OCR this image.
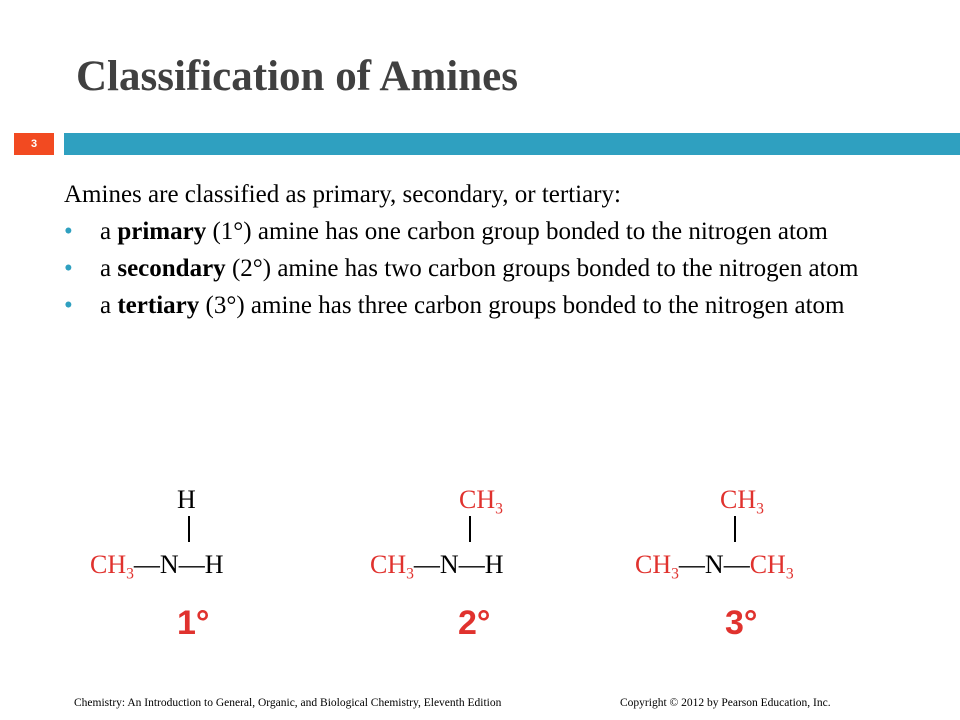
Classification of Amines
3

Amines are classified as primary, secondary, or tertiary:

• a primary (1°) amine has one carbon group bonded to the nitrogen atom
• a secondary (2°) amine has two carbon groups bonded to the nitrogen atom
• a tertiary (3°) amine has three carbon groups bonded to the nitrogen atom
H
$CH_3—N—H$
1°
$CH_3$
$CH_3—N—H$
2°
$CH_3$
$CH_3—N—CH_3$
3°
Chemistry: An Introduction to General, Organic, and Biological Chemistry, Eleventh Edition	Copyright © 2012 by Pearson Education, Inc.
